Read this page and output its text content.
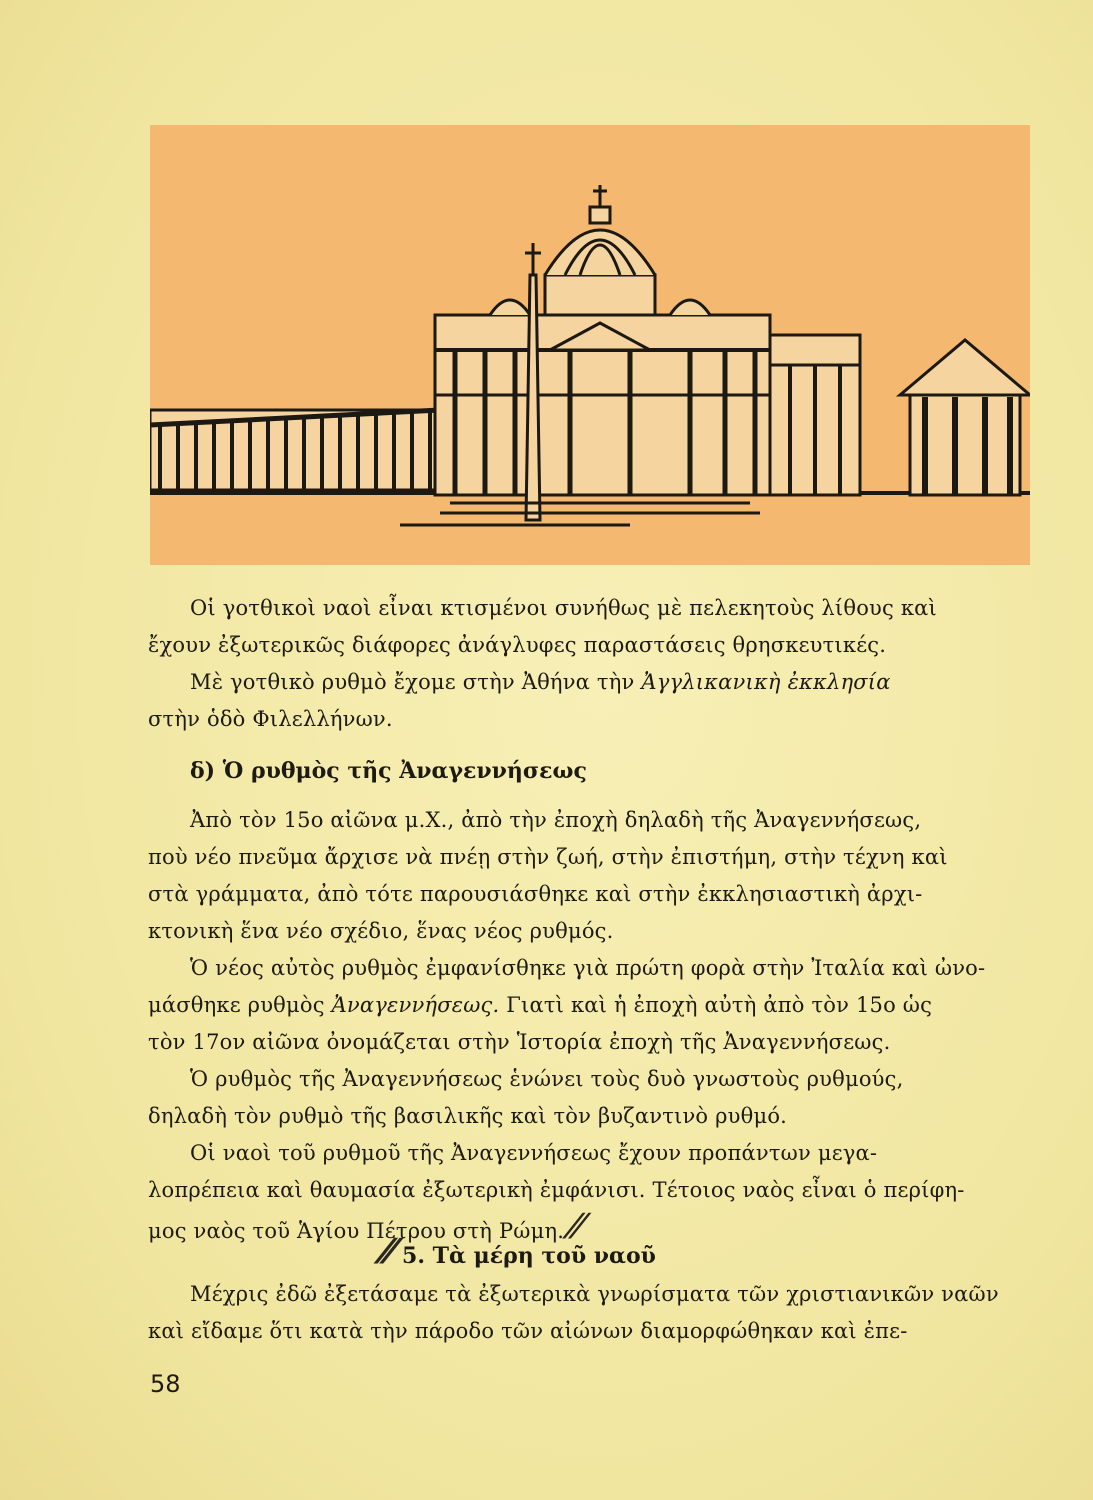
Οἱ γοτθικοὶ ναοὶ εἶναι κτισμένοι συνήθως μὲ πελεκητοὺς λίθους καὶ

ἔχουν ἐξωτερικῶς διάφορες ἀνάγλυφες παραστάσεις θρησκευτικές.

Μὲ γοτθικὸ ρυθμὸ ἔχομε στὴν Ἀθήνα τὴν Ἀγγλικανικὴ ἐκκλησία

στὴν ὁδὸ Φιλελλήνων.

δ) Ὁ ρυθμὸς τῆς Ἀναγεννήσεως

Ἀπὸ τὸν 15ο αἰῶνα μ.Χ., ἀπὸ τὴν ἐποχὴ δηλαδὴ τῆς Ἀναγεννήσεως,

ποὺ νέο πνεῦμα ἄρχισε νὰ πνέῃ στὴν ζωή, στὴν ἐπιστήμη, στὴν τέχνη καὶ

στὰ γράμματα, ἀπὸ τότε παρουσιάσθηκε καὶ στὴν ἐκκλησιαστικὴ ἀρχι-

κτονικὴ ἕνα νέο σχέδιο, ἕνας νέος ρυθμός.

Ὁ νέος αὐτὸς ρυθμὸς ἐμφανίσθηκε γιὰ πρώτη φορὰ στὴν Ἰταλία καὶ ὠνο-

μάσθηκε ρυθμὸς Ἀναγεννήσεως. Γιατὶ καὶ ἡ ἐποχὴ αὐτὴ ἀπὸ τὸν 15ο ὡς

τὸν 17ον αἰῶνα ὀνομάζεται στὴν Ἱστορία ἐποχὴ τῆς Ἀναγεννήσεως.

Ὁ ρυθμὸς τῆς Ἀναγεννήσεως ἑνώνει τοὺς δυὸ γνωστοὺς ρυθμούς,

δηλαδὴ τὸν ρυθμὸ τῆς βασιλικῆς καὶ τὸν βυζαντινὸ ρυθμό.

Οἱ ναοὶ τοῦ ρυθμοῦ τῆς Ἀναγεννήσεως ἔχουν προπάντων μεγα-

λοπρέπεια καὶ θαυμασία ἐξωτερικὴ ἐμφάνισι. Τέτοιος ναὸς εἶναι ὁ περίφη-

μος ναὸς τοῦ Ἁγίου Πέτρου στὴ Ρώμη. ⁄⁄

⁄⁄ 5. Τὰ μέρη τοῦ ναοῦ

Μέχρις ἐδῶ ἐξετάσαμε τὰ ἐξωτερικὰ γνωρίσματα τῶν χριστιανικῶν ναῶν

καὶ εἴδαμε ὅτι κατὰ τὴν πάροδο τῶν αἰώνων διαμορφώθηκαν καὶ ἐπε-

58
